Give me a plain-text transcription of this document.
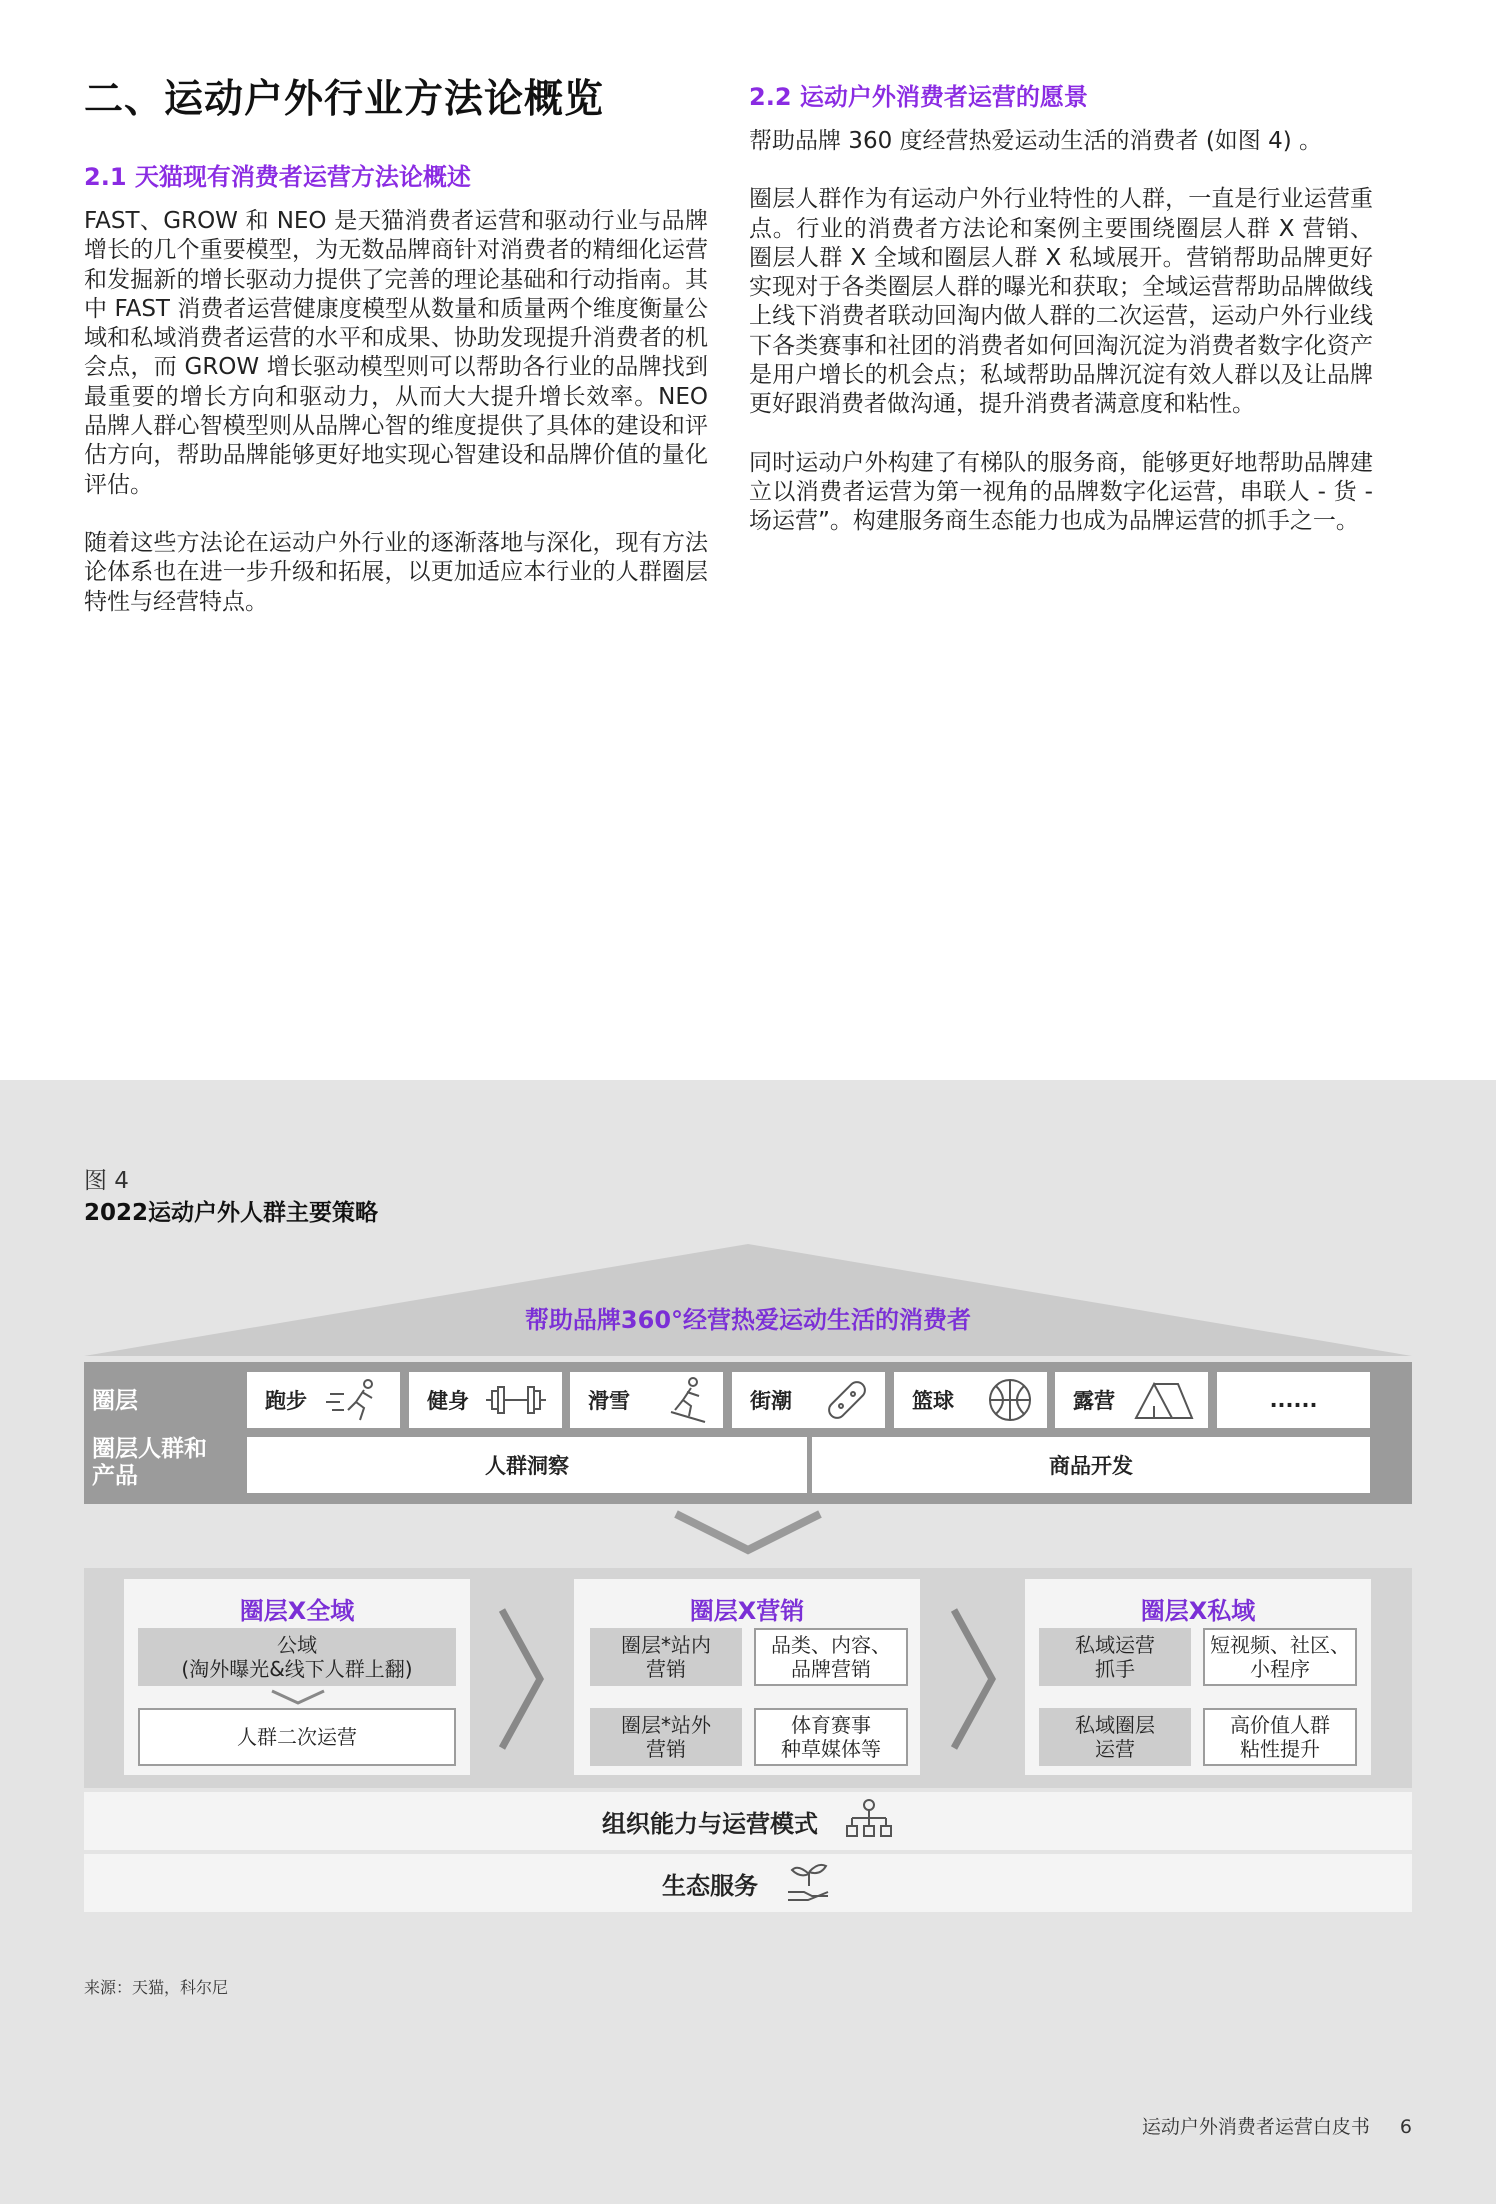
二、运动户外行业方法论概览
2.1 天猫现有消费者运营方法论概述

FAST、GROW 和 NEO 是天猫消费者运营和驱动行业与品牌增长的几个重要模型，为无数品牌商针对消费者的精细化运营和发掘新的增长驱动力提供了完善的理论基础和行动指南。其中 FAST 消费者运营健康度模型从数量和质量两个维度衡量公域和私域消费者运营的水平和成果、协助发现提升消费者的机会点，而 GROW 增长驱动模型则可以帮助各行业的品牌找到最重要的增长方向和驱动力，从而大大提升增长效率。NEO 品牌人群心智模型则从品牌心智的维度提供了具体的建设和评估方向，帮助品牌能够更好地实现心智建设和品牌价值的量化评估。

随着这些方法论在运动户外行业的逐渐落地与深化，现有方法论体系也在进一步升级和拓展，以更加适应本行业的人群圈层特性与经营特点。

2.2 运动户外消费者运营的愿景

帮助品牌 360 度经营热爱运动生活的消费者 (如图 4) 。

圈层人群作为有运动户外行业特性的人群，一直是行业运营重点。行业的消费者方法论和案例主要围绕圈层人群 X 营销、圈层人群 X 全域和圈层人群 X 私域展开。营销帮助品牌更好实现对于各类圈层人群的曝光和获取；全域运营帮助品牌做线上线下消费者联动回淘内做人群的二次运营，运动户外行业线下各类赛事和社团的消费者如何回淘沉淀为消费者数字化资产是用户增长的机会点；私域帮助品牌沉淀有效人群以及让品牌更好跟消费者做沟通，提升消费者满意度和粘性。

同时运动户外构建了有梯队的服务商，能够更好地帮助品牌建立以消费者运营为第一视角的品牌数字化运营，串联人 - 货 - 场运营”。构建服务商生态能力也成为品牌运营的抓手之一。

图 4
2022运动户外人群主要策略
帮助品牌360°经营热爱运动生活的消费者
圈层
圈层人群和
产品
跑步	健身	滑雪	街潮	篮球	露营	......
人群洞察	商品开发
圈层X全域
公域
(淘外曝光&线下人群上翻)
人群二次运营
圈层X营销
圈层*站内
营销
品类、内容、
品牌营销
圈层*站外
营销
体育赛事
种草媒体等
圈层X私域
私域运营
抓手
短视频、社区、
小程序
私域圈层
运营
高价值人群
粘性提升
组织能力与运营模式
生态服务
来源：天猫，科尔尼
运动户外消费者运营白皮书 6
